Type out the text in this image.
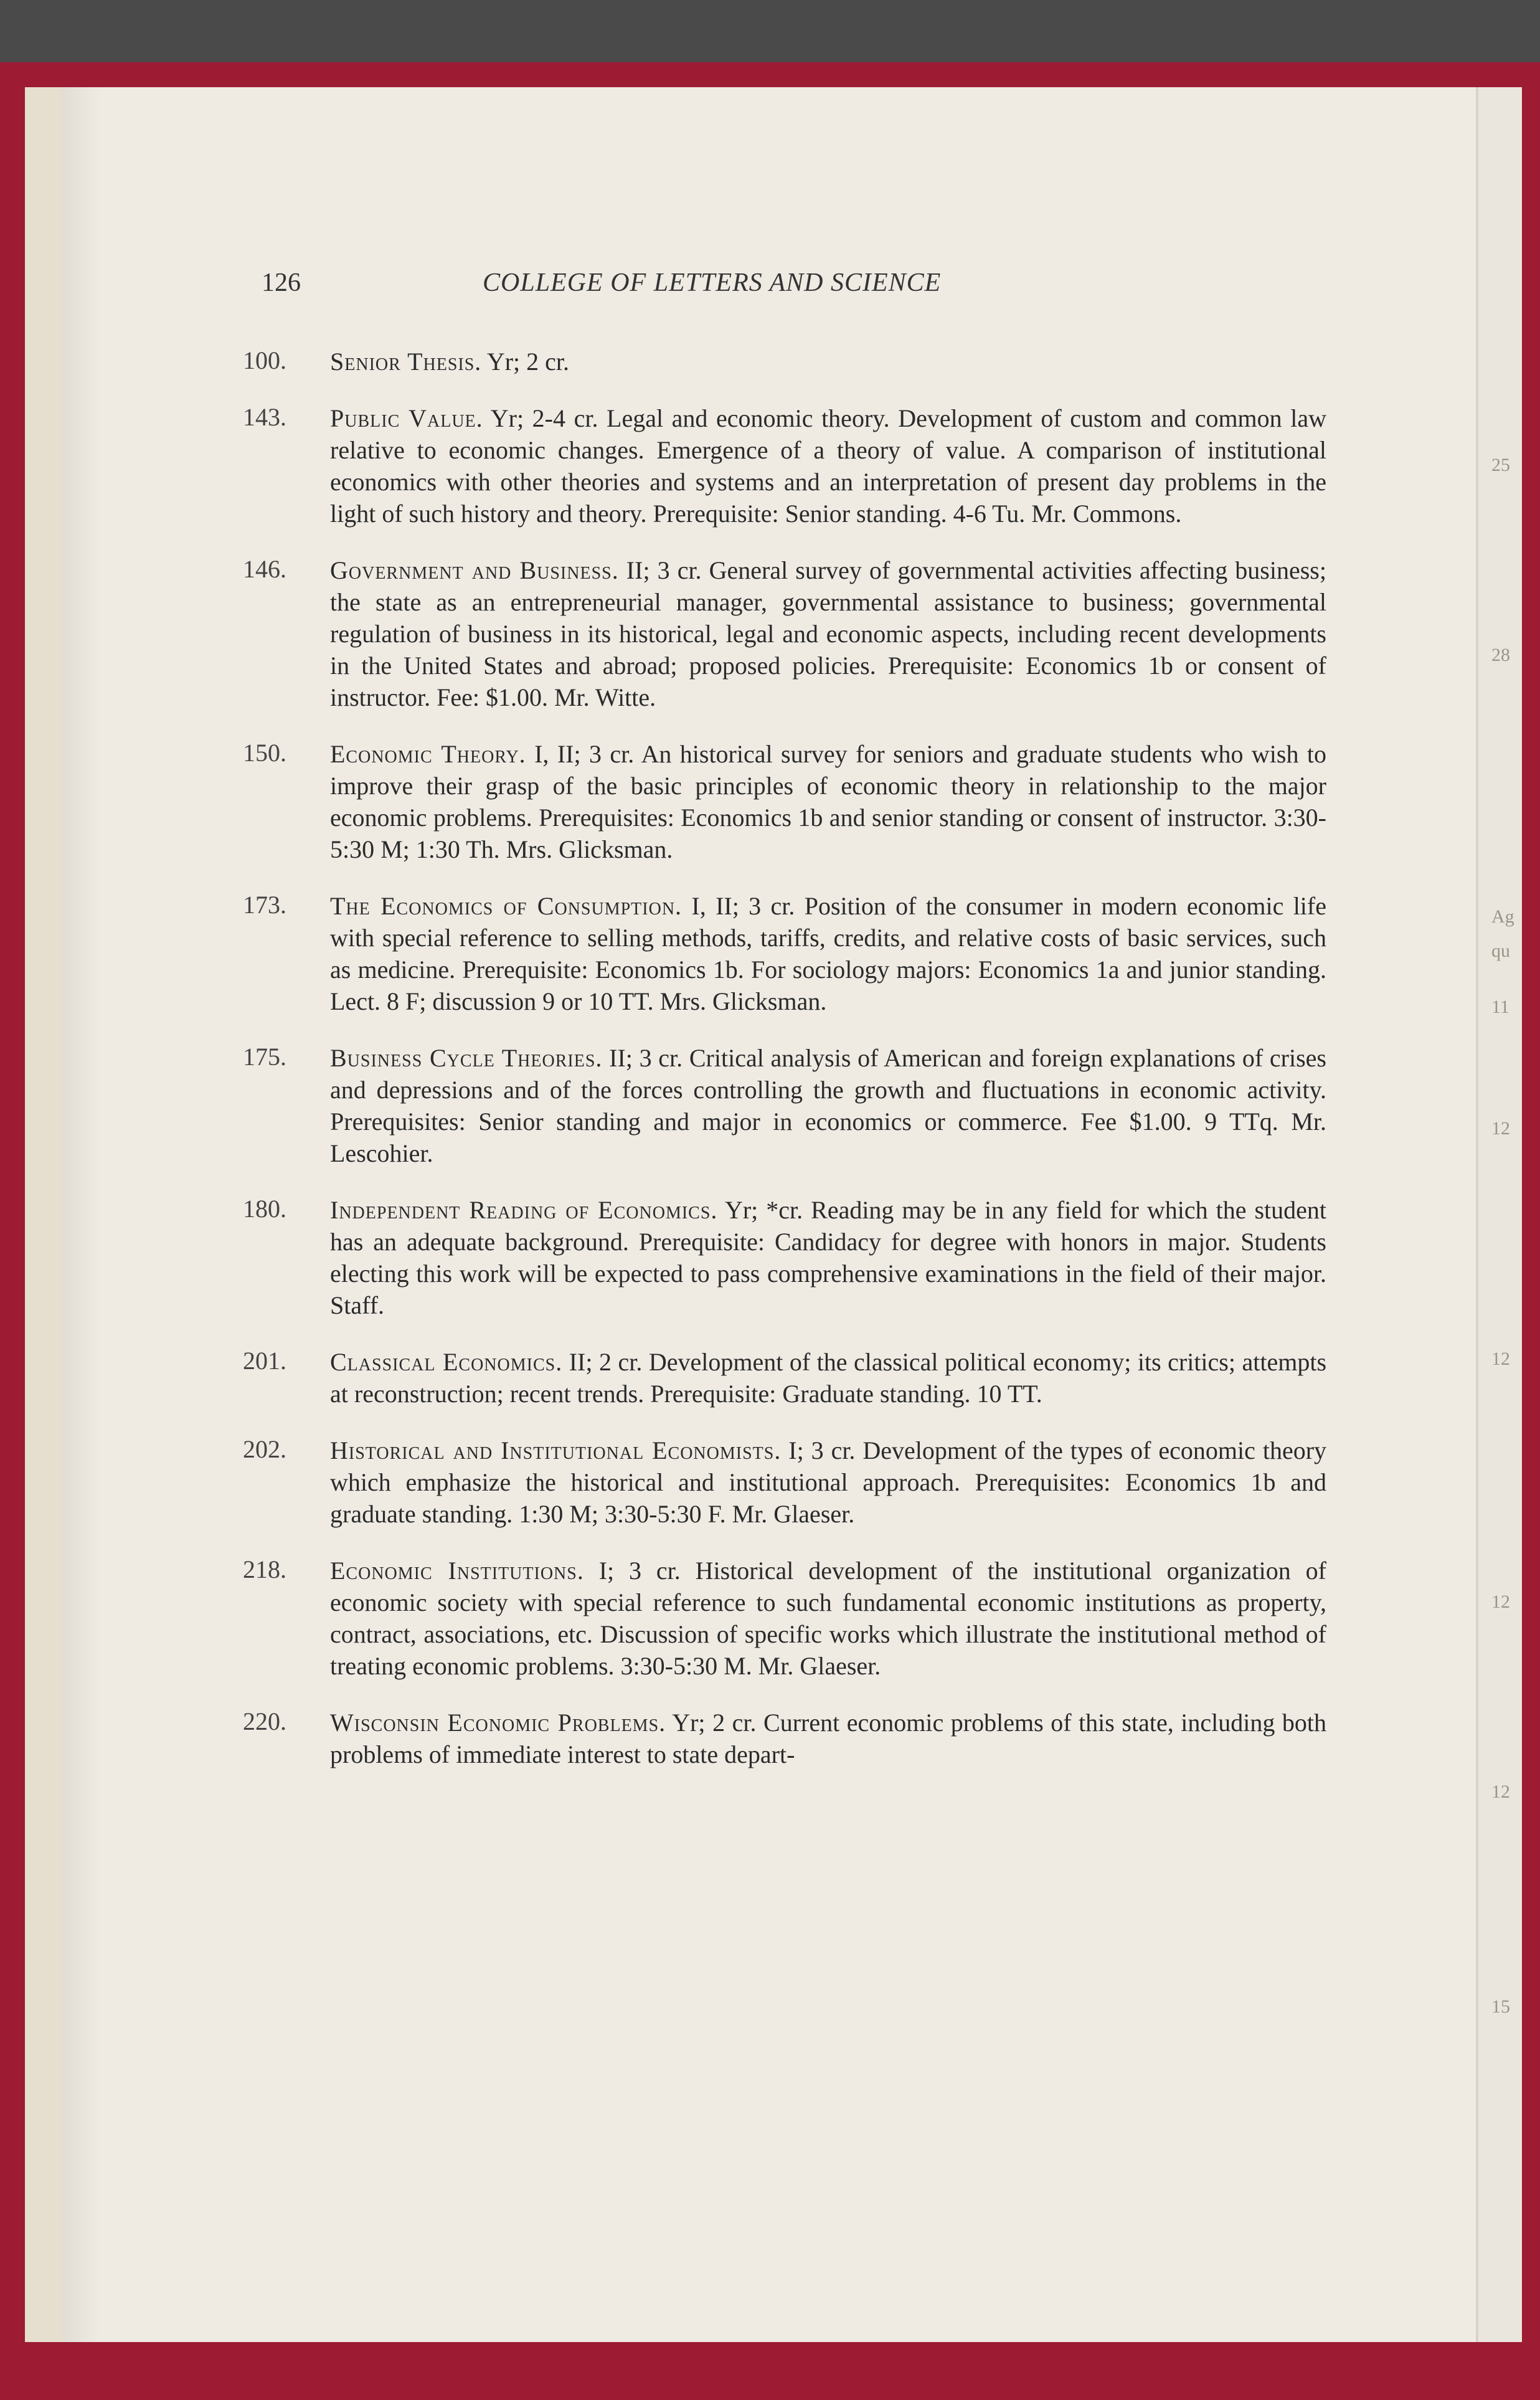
25
28
Ag
qu
11
12
12
12
12
15
126	COLLEGE OF LETTERS AND SCIENCE
100. Senior Thesis. Yr; 2 cr.
143. Public Value. Yr; 2-4 cr. Legal and economic theory. Development of custom and common law relative to economic changes. Emergence of a theory of value. A comparison of institutional economics with other theories and systems and an interpretation of present day problems in the light of such history and theory. Prerequisite: Senior standing. 4-6 Tu. Mr. Commons.
146. Government and Business. II; 3 cr. General survey of governmental activities affecting business; the state as an entrepreneurial manager, governmental assistance to business; governmental regulation of business in its historical, legal and economic aspects, including recent developments in the United States and abroad; proposed policies. Prerequisite: Economics 1b or consent of instructor. Fee: $1.00. Mr. Witte.
150. Economic Theory. I, II; 3 cr. An historical survey for seniors and graduate students who wish to improve their grasp of the basic principles of economic theory in relationship to the major economic problems. Prerequisites: Economics 1b and senior standing or consent of instructor. 3:30-5:30 M; 1:30 Th. Mrs. Glicksman.
173. The Economics of Consumption. I, II; 3 cr. Position of the consumer in modern economic life with special reference to selling methods, tariffs, credits, and relative costs of basic services, such as medicine. Prerequisite: Economics 1b. For sociology majors: Economics 1a and junior standing. Lect. 8 F; discussion 9 or 10 TT. Mrs. Glicksman.
175. Business Cycle Theories. II; 3 cr. Critical analysis of American and foreign explanations of crises and depressions and of the forces controlling the growth and fluctuations in economic activity. Prerequisites: Senior standing and major in economics or commerce. Fee $1.00. 9 TTq. Mr. Lescohier.
180. Independent Reading of Economics. Yr; *cr. Reading may be in any field for which the student has an adequate background. Prerequisite: Candidacy for degree with honors in major. Students electing this work will be expected to pass comprehensive examinations in the field of their major. Staff.
201. Classical Economics. II; 2 cr. Development of the classical political economy; its critics; attempts at reconstruction; recent trends. Prerequisite: Graduate standing. 10 TT.
202. Historical and Institutional Economists. I; 3 cr. Development of the types of economic theory which emphasize the historical and institutional approach. Prerequisites: Economics 1b and graduate standing. 1:30 M; 3:30-5:30 F. Mr. Glaeser.
218. Economic Institutions. I; 3 cr. Historical development of the institutional organization of economic society with special reference to such fundamental economic institutions as property, contract, associations, etc. Discussion of specific works which illustrate the institutional method of treating economic problems. 3:30-5:30 M. Mr. Glaeser.
220. Wisconsin Economic Problems. Yr; 2 cr. Current economic problems of this state, including both problems of immediate interest to state depart-
